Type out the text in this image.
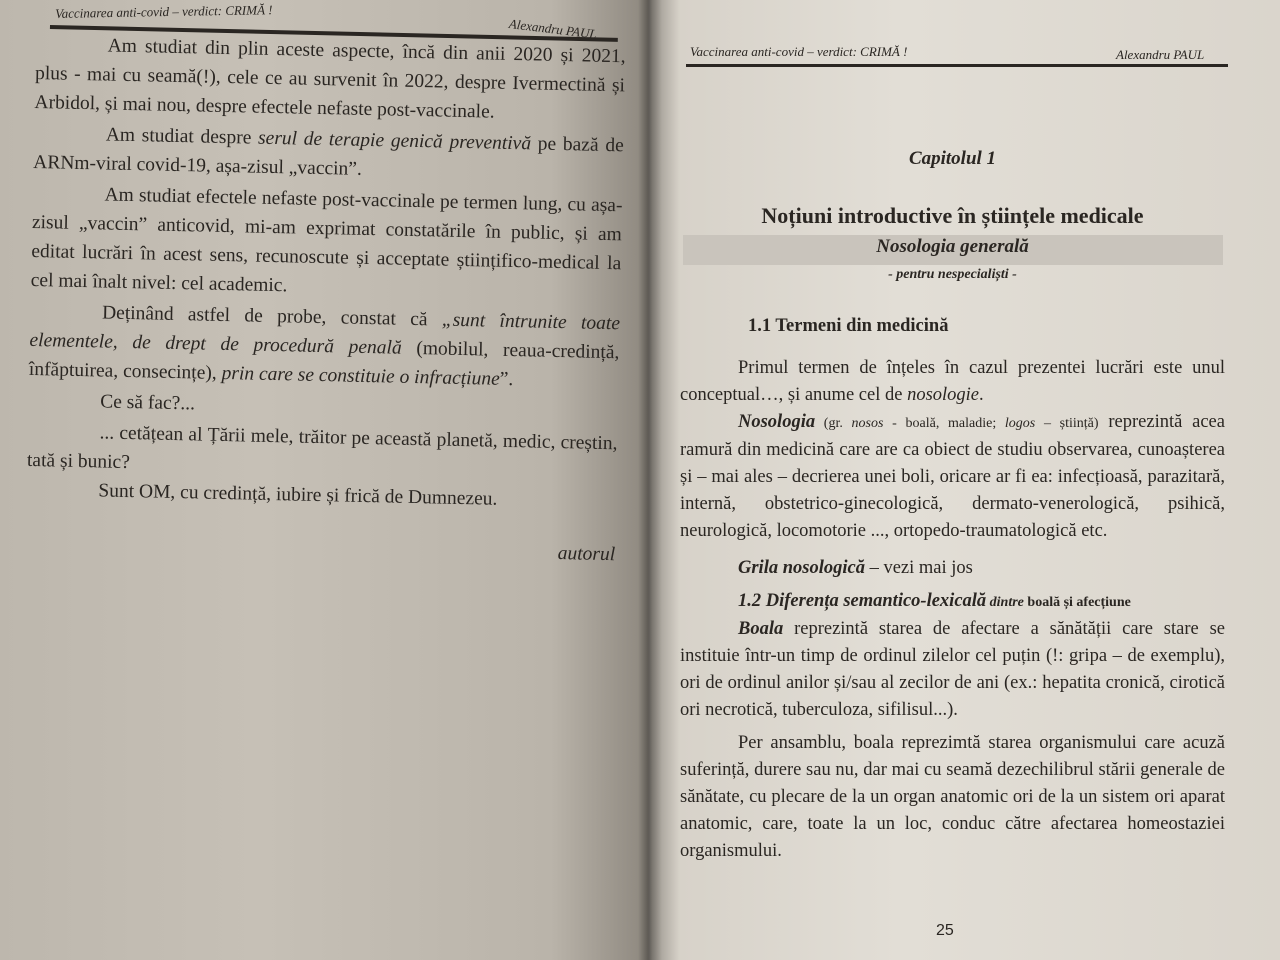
Vaccinarea anti-covid – verdict: CRIMĂ !
Alexandru PAUL

Am studiat din plin aceste aspecte, încă din anii 2020 și 2021, plus - mai cu seamă(!), cele ce au survenit în 2022, despre Ivermectină și Arbidol, și mai nou, despre efectele nefaste post-vaccinale.

Am studiat despre serul de terapie genică preventivă pe bază de ARNm-viral covid-19, așa-zisul „vaccin”.

Am studiat efectele nefaste post-vaccinale pe termen lung, cu așa-zisul „vaccin” anticovid, mi-am exprimat constatările în public, și am editat lucrări în acest sens, recunoscute și acceptate științifico-medical la cel mai înalt nivel: cel academic.

Deținând astfel de probe, constat că „sunt întrunite toate elementele, de drept de procedură penală (mobilul, reaua-credință, înfăptuirea, consecințe), prin care se constituie o infracțiune”.

Ce să fac?...

... cetățean al Țării mele, trăitor pe această planetă, medic, creștin, tată și bunic?

Sunt OM, cu credință, iubire și frică de Dumnezeu.

autorul

Vaccinarea anti-covid – verdict: CRIMĂ !	Alexandru PAUL
Capitolul 1
Noțiuni introductive în științele medicale
Nosologia generală
- pentru nespecialiști -
1.1 Termeni din medicină

Primul termen de înțeles în cazul prezentei lucrări este unul conceptual…, și anume cel de nosologie.

Nosologia (gr. nosos - boală, maladie; logos – știință) reprezintă acea ramură din medicină care are ca obiect de studiu observarea, cunoașterea și – mai ales – decrierea unei boli, oricare ar fi ea: infecțioasă, parazitară, internă, obstetrico-ginecologică, dermato-venerologică, psihică, neurologică, locomotorie ..., ortopedo-traumatologică etc.

Grila nosologică – vezi mai jos

1.2 Diferența semantico-lexicală dintre boală și afecțiune

Boala reprezintă starea de afectare a sănătății care stare se instituie într-un timp de ordinul zilelor cel puțin (!: gripa – de exemplu), ori de ordinul anilor și/sau al zecilor de ani (ex.: hepatita cronică, cirotică ori necrotică, tuberculoza, sifilisul...).

Per ansamblu, boala reprezimtă starea organismului care acuză suferință, durere sau nu, dar mai cu seamă dezechilibrul stării generale de sănătate, cu plecare de la un organ anatomic ori de la un sistem ori aparat anatomic, care, toate la un loc, conduc către afectarea homeostaziei organismului.

25
